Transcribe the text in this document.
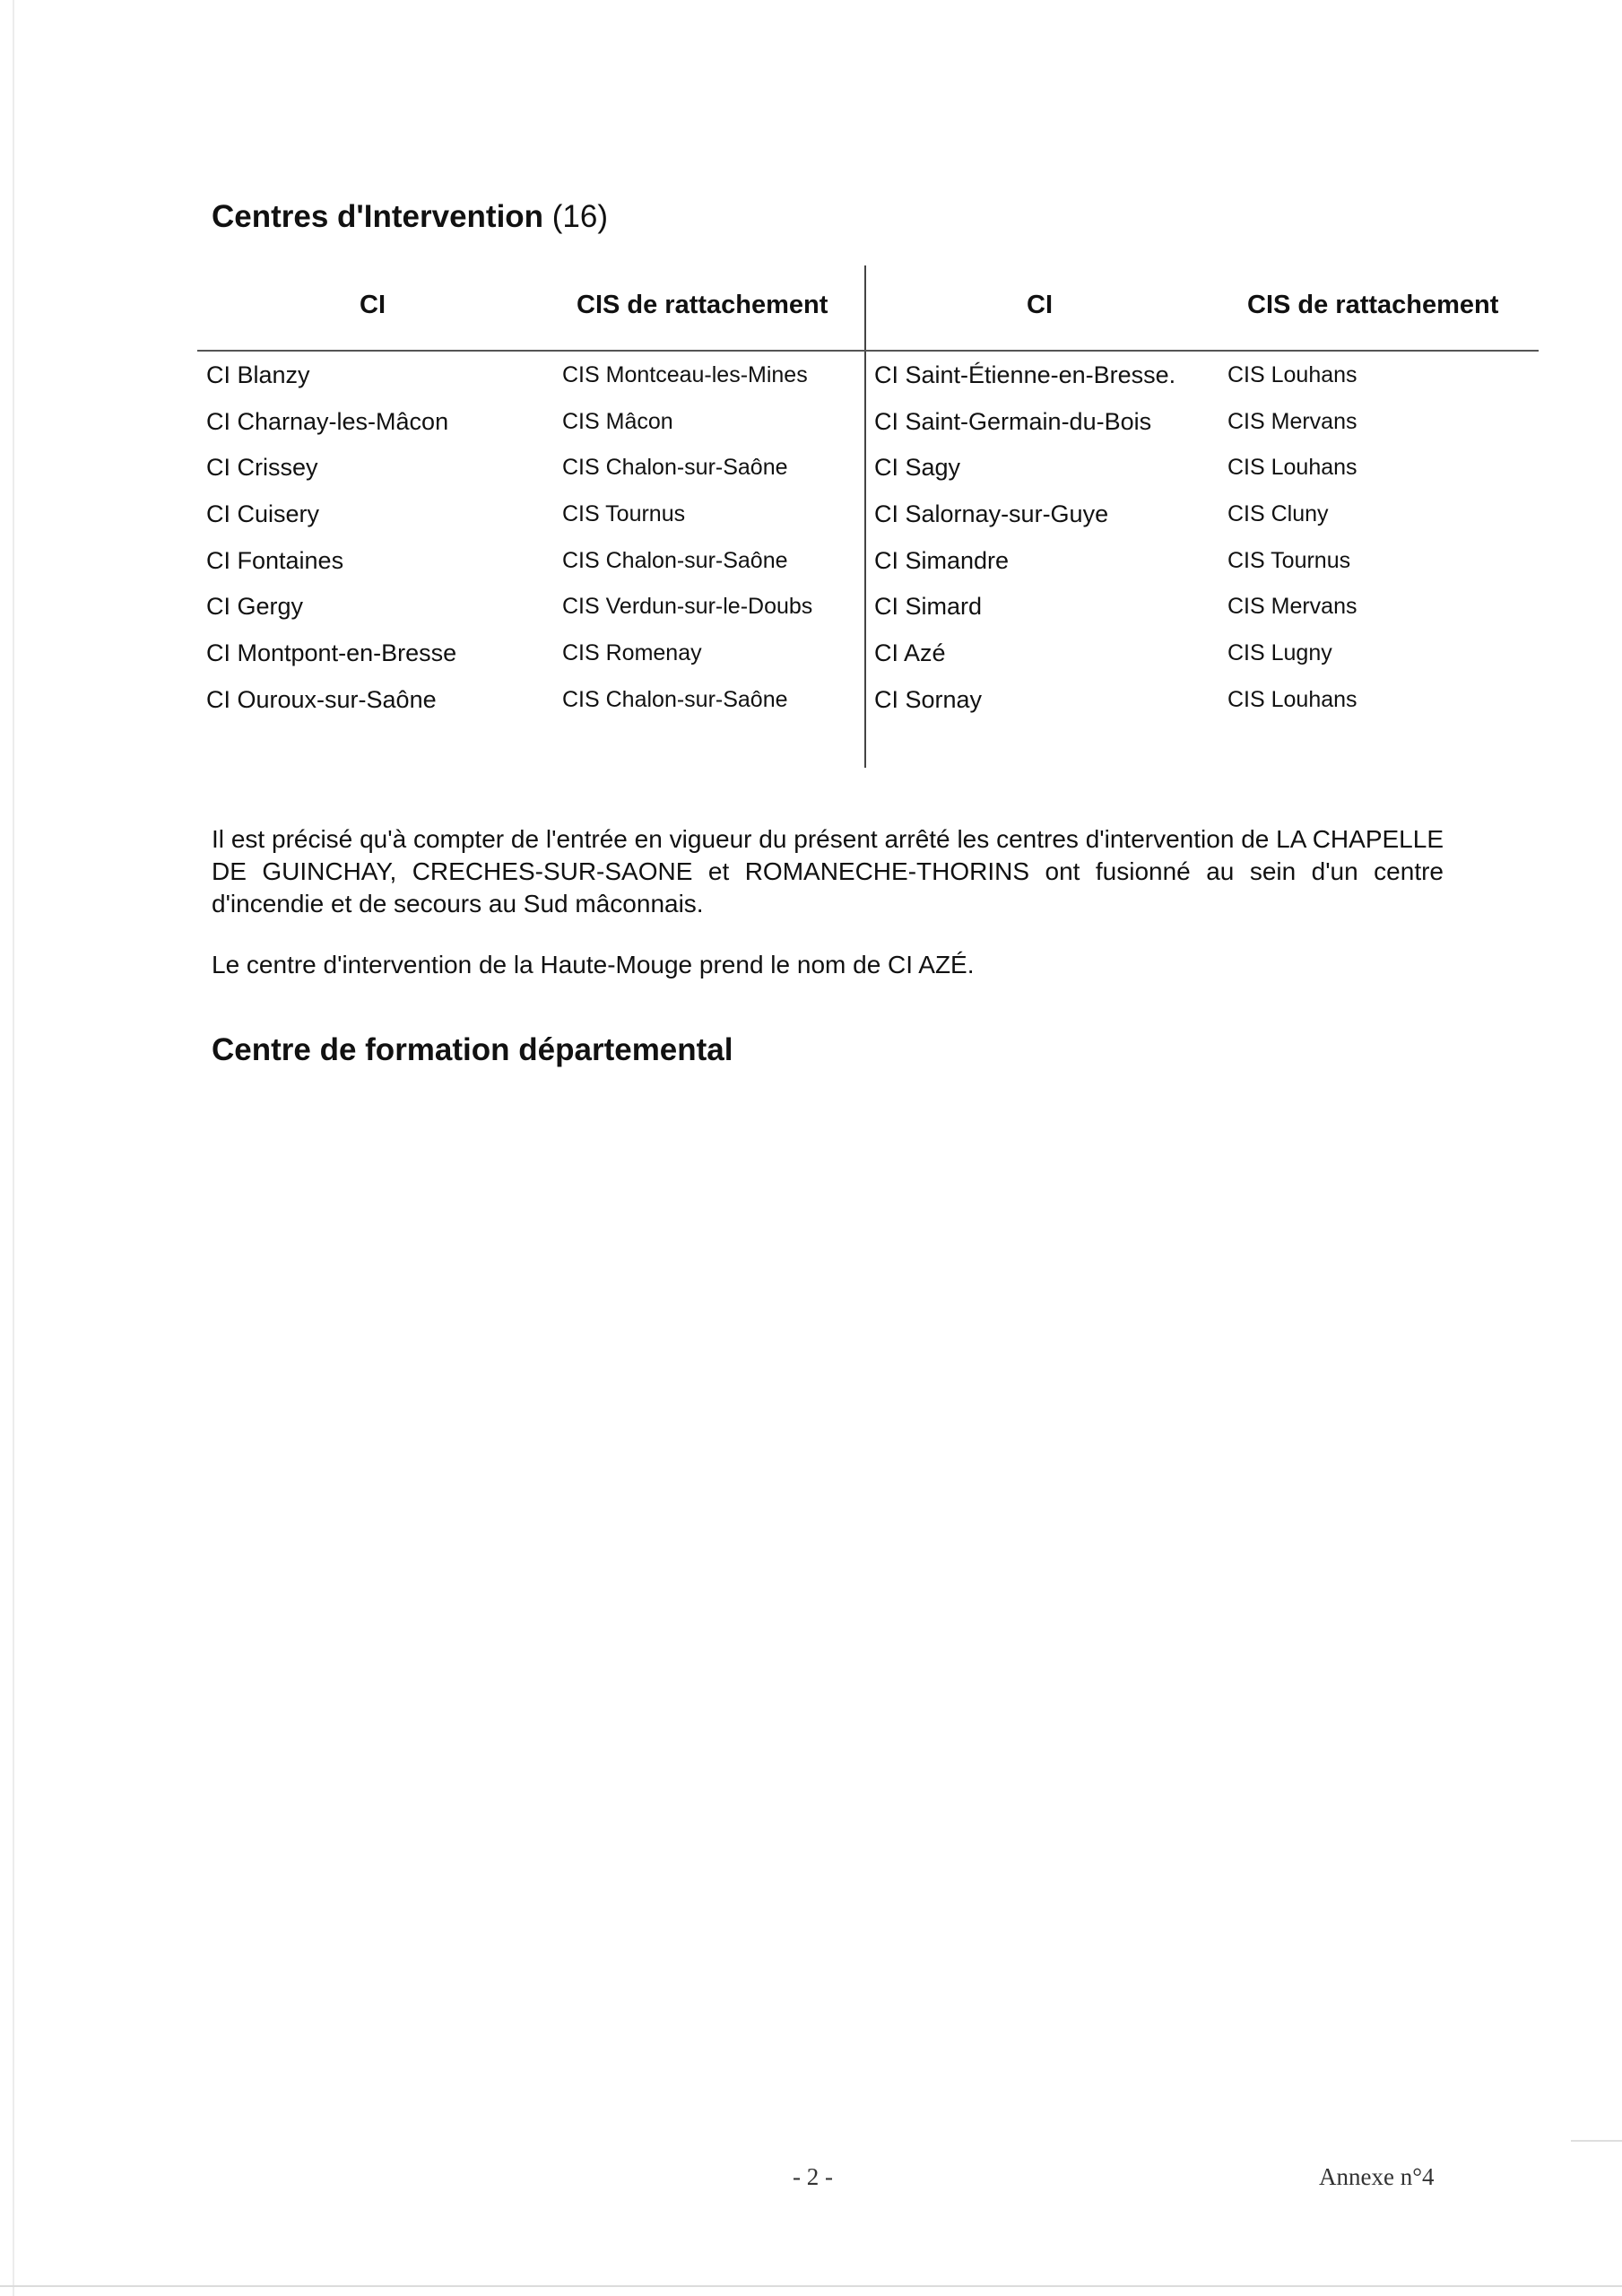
Centres d'Intervention (16)
CI	CIS de rattachement	CI	CIS de rattachement
CI Blanzy	CIS Montceau-les-Mines	CI Saint-Étienne-en-Bresse. CIS Louhans
CI Charnay-les-Mâcon	CIS Mâcon	CI Saint-Germain-du-Bois	CIS Mervans
CI Crissey	CIS Chalon-sur-Saône	CI Sagy	CIS Louhans
CI Cuisery	CIS Tournus	CI Salornay-sur-Guye	CIS Cluny
CI Fontaines	CIS Chalon-sur-Saône	CI Simandre	CIS Tournus
CI Gergy	CIS Verdun-sur-le-Doubs	CI Simard	CIS Mervans
CI Montpont-en-Bresse	CIS Romenay	CI Azé	CIS Lugny
CI Ouroux-sur-Saône	CIS Chalon-sur-Saône	CI Sornay	CIS Louhans

Il est précisé qu'à compter de l'entrée en vigueur du présent arrêté les centres d'intervention de LA CHAPELLE DE GUINCHAY, CRECHES-SUR-SAONE et ROMANECHE-THORINS ont fusionné au sein d'un centre d'incendie et de secours au Sud mâconnais.

Le centre d'intervention de la Haute-Mouge prend le nom de CI AZÉ.

Centre de formation départemental
- 2 -	Annexe n°4
